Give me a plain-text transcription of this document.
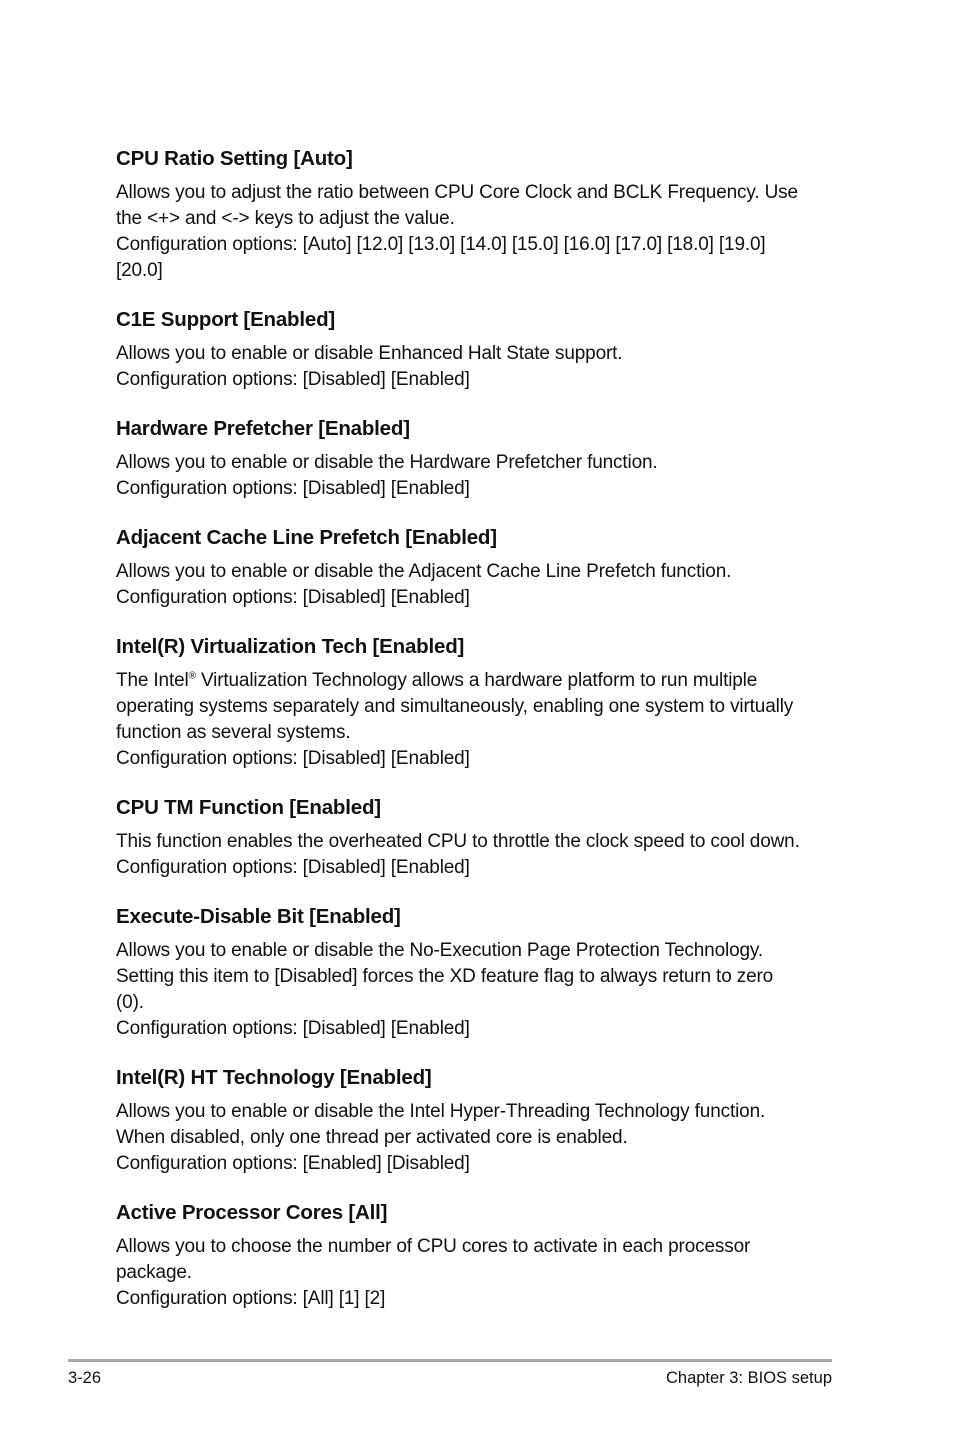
CPU Ratio Setting [Auto]

Allows you to adjust the ratio between CPU Core Clock and BCLK Frequency. Use
the <+> and <-> keys to adjust the value.
Configuration options: [Auto] [12.0] [13.0] [14.0] [15.0] [16.0] [17.0] [18.0] [19.0]
[20.0]

C1E Support [Enabled]

Allows you to enable or disable Enhanced Halt State support.
Configuration options: [Disabled] [Enabled]

Hardware Prefetcher [Enabled]

Allows you to enable or disable the Hardware Prefetcher function.
Configuration options: [Disabled] [Enabled]

Adjacent Cache Line Prefetch [Enabled]

Allows you to enable or disable the Adjacent Cache Line Prefetch function.
Configuration options: [Disabled] [Enabled]

Intel(R) Virtualization Tech [Enabled]

The Intel® Virtualization Technology allows a hardware platform to run multiple
operating systems separately and simultaneously, enabling one system to virtually
function as several systems.
Configuration options: [Disabled] [Enabled]

CPU TM Function [Enabled]

This function enables the overheated CPU to throttle the clock speed to cool down.
Configuration options: [Disabled] [Enabled]

Execute-Disable Bit [Enabled]

Allows you to enable or disable the No-Execution Page Protection Technology.
Setting this item to [Disabled] forces the XD feature flag to always return to zero
(0).
Configuration options: [Disabled] [Enabled]

Intel(R) HT Technology [Enabled]

Allows you to enable or disable the Intel Hyper-Threading Technology function.
When disabled, only one thread per activated core is enabled.
Configuration options: [Enabled] [Disabled]

Active Processor Cores [All]

Allows you to choose the number of CPU cores to activate in each processor
package.
Configuration options: [All] [1] [2]

3-26	Chapter 3: BIOS setup
